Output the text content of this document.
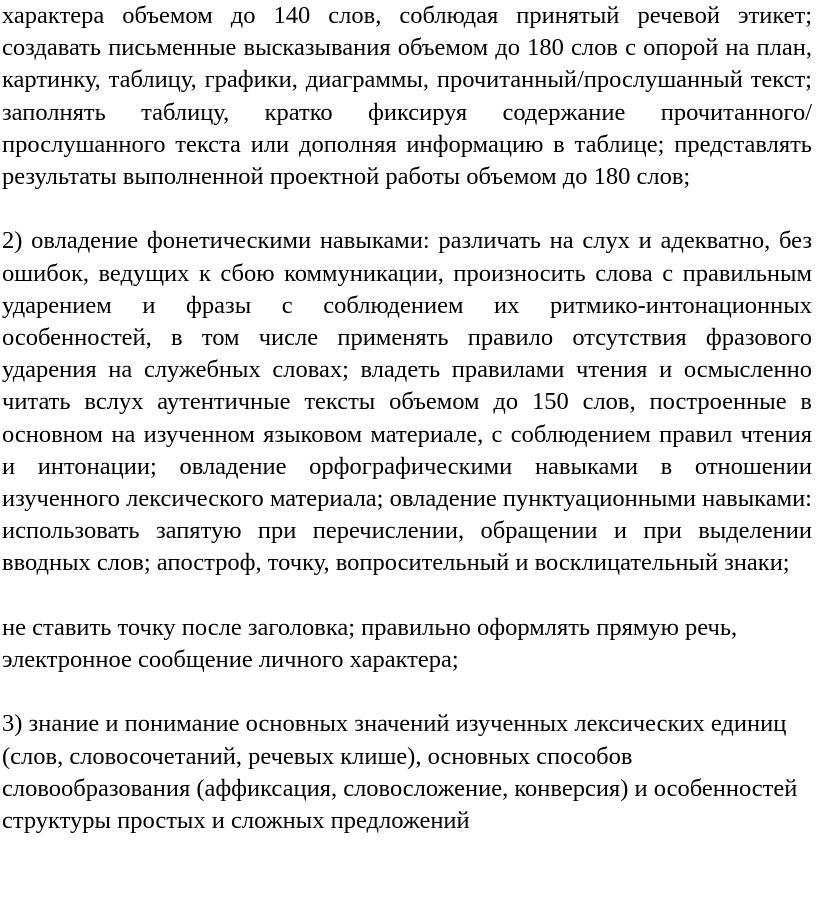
характера объемом до 140 слов, соблюдая принятый речевой этикет; создавать письменные высказывания объемом до 180 слов с опорой на план, картинку, таблицу, графики, диаграммы, прочитанный/прослушанный текст; заполнять таблицу, кратко фиксируя содержание прочитанного/прослушанного текста или дополняя информацию в таблице; представлять результаты выполненной проектной работы объемом до 180 слов;

2) овладение фонетическими навыками: различать на слух и адекватно, без ошибок, ведущих к сбою коммуникации, произносить слова с правильным ударением и фразы с соблюдением их ритмико-интонационных особенностей, в том числе применять правило отсутствия фразового ударения на служебных словах; владеть правилами чтения и осмысленно читать вслух аутентичные тексты объемом до 150 слов, построенные в основном на изученном языковом материале, с соблюдением правил чтения и интонации; овладение орфографическими навыками в отношении изученного лексического материала; овладение пунктуационными навыками: использовать запятую при перечислении, обращении и при выделении вводных слов; апостроф, точку, вопросительный и восклицательный знаки;

не ставить точку после заголовка; правильно оформлять прямую речь, электронное сообщение личного характера;

3) знание и понимание основных значений изученных лексических единиц (слов, словосочетаний, речевых клише), основных способов словообразования (аффиксация, словосложение, конверсия) и особенностей структуры простых и сложных предложений
